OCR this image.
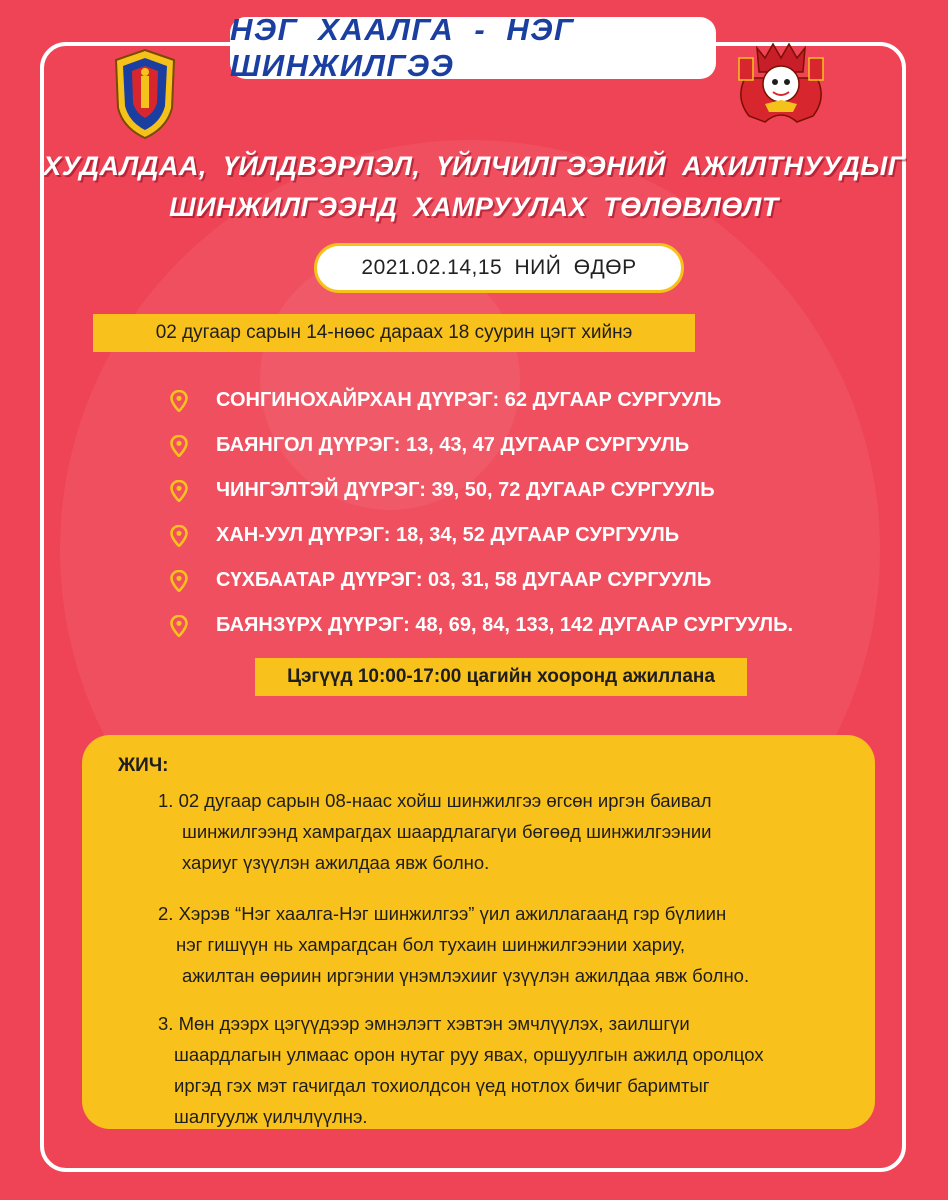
НЭГ ХААЛГА - НЭГ ШИНЖИЛГЭЭ
ХУДАЛДАА, ҮЙЛДВЭРЛЭЛ, ҮЙЛЧИЛГЭЭНИЙ АЖИЛТНУУДЫГ
ШИНЖИЛГЭЭНД ХАМРУУЛАХ ТӨЛӨВЛӨЛТ
2021.02.14,15 НИЙ ӨДӨР
02 дугаар сарын 14-нөөс дараах 18 суурин цэгт хийнэ
СОНГИНОХАЙРХАН ДҮҮРЭГ: 62 ДУГААР СУРГУУЛЬ
БАЯНГОЛ ДҮҮРЭГ: 13, 43, 47 ДУГААР СУРГУУЛЬ
ЧИНГЭЛТЭЙ ДҮҮРЭГ: 39, 50, 72 ДУГААР СУРГУУЛЬ
ХАН-УУЛ ДҮҮРЭГ: 18, 34, 52 ДУГААР СУРГУУЛЬ
СҮХБААТАР ДҮҮРЭГ: 03, 31, 58 ДУГААР СУРГУУЛЬ
БАЯНЗҮРХ ДҮҮРЭГ: 48, 69, 84, 133, 142 ДУГААР СУРГУУЛЬ.
Цэгүүд 10:00-17:00 цагийн хооронд ажиллана
ЖИЧ:
1. 02 дугаар сарын 08-наас хойш шинжилгээ өгсөн иргэн баивал
шинжилгээнд хамрагдах шаардлагагүи бөгөөд шинжилгээнии
хариуг үзүүлэн ажилдаа явж болно.
2. Хэрэв “Нэг хаалга-Нэг шинжилгээ” үил ажиллагаанд гэр бүлиин
нэг гишүүн нь хамрагдсан бол тухаин шинжилгээнии хариу,
ажилтан өөриин иргэнии үнэмлэхииг үзүүлэн ажилдаа явж болно.
3. Мөн дээрх цэгүүдээр эмнэлэгт хэвтэн эмчлүүлэх, заилшгүи
шаардлагын улмаас орон нутаг руу явах, оршуулгын ажилд оролцох
иргэд гэх мэт гачигдал тохиолдсон үед нотлох бичиг баримтыг
шалгуулж үилчлүүлнэ.
